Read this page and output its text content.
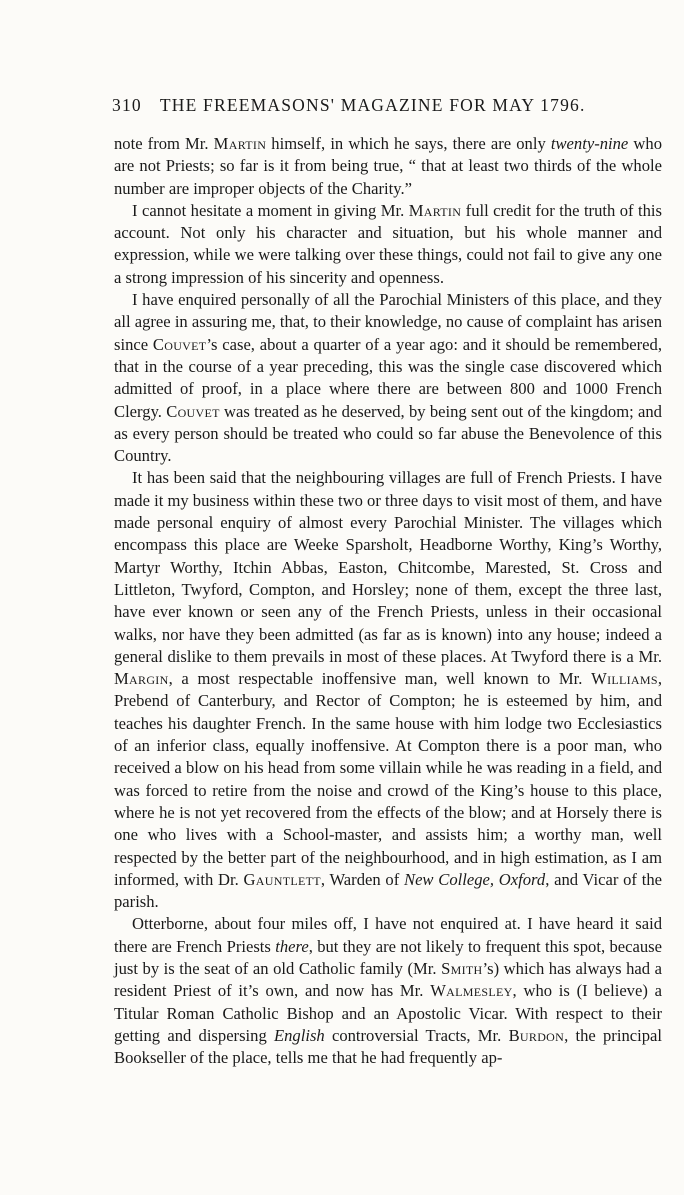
310 THE FREEMASONS' MAGAZINE FOR MAY 1796.

note from Mr. Martin himself, in which he says, there are only twenty-nine who are not Priests; so far is it from being true, “ that at least two thirds of the whole number are improper objects of the Charity.”

I cannot hesitate a moment in giving Mr. Martin full credit for the truth of this account. Not only his character and situation, but his whole manner and expression, while we were talking over these things, could not fail to give any one a strong impression of his sincerity and openness.

I have enquired personally of all the Parochial Ministers of this place, and they all agree in assuring me, that, to their knowledge, no cause of complaint has arisen since Couvet’s case, about a quarter of a year ago: and it should be remembered, that in the course of a year preceding, this was the single case discovered which admitted of proof, in a place where there are between 800 and 1000 French Clergy. Couvet was treated as he deserved, by being sent out of the kingdom; and as every person should be treated who could so far abuse the Benevolence of this Country.

It has been said that the neighbouring villages are full of French Priests. I have made it my business within these two or three days to visit most of them, and have made personal enquiry of almost every Parochial Minister. The villages which encompass this place are Weeke Sparsholt, Headborne Worthy, King’s Worthy, Martyr Worthy, Itchin Abbas, Easton, Chitcombe, Marested, St. Cross and Littleton, Twyford, Compton, and Horsley; none of them, except the three last, have ever known or seen any of the French Priests, unless in their occasional walks, nor have they been admitted (as far as is known) into any house; indeed a general dislike to them prevails in most of these places. At Twyford there is a Mr. Margin, a most respectable inoffensive man, well known to Mr. Williams, Prebend of Canterbury, and Rector of Compton; he is esteemed by him, and teaches his daughter French. In the same house with him lodge two Ecclesiastics of an inferior class, equally inoffensive. At Compton there is a poor man, who received a blow on his head from some villain while he was reading in a field, and was forced to retire from the noise and crowd of the King’s house to this place, where he is not yet recovered from the effects of the blow; and at Horsely there is one who lives with a School-master, and assists him; a worthy man, well respected by the better part of the neighbourhood, and in high estimation, as I am informed, with Dr. Gauntlett, Warden of New College, Oxford, and Vicar of the parish.

Otterborne, about four miles off, I have not enquired at. I have heard it said there are French Priests there, but they are not likely to frequent this spot, because just by is the seat of an old Catholic family (Mr. Smith’s) which has always had a resident Priest of it’s own, and now has Mr. Walmesley, who is (I believe) a Titular Roman Catholic Bishop and an Apostolic Vicar. With respect to their getting and dispersing English controversial Tracts, Mr. Burdon, the principal Bookseller of the place, tells me that he had frequently ap-
